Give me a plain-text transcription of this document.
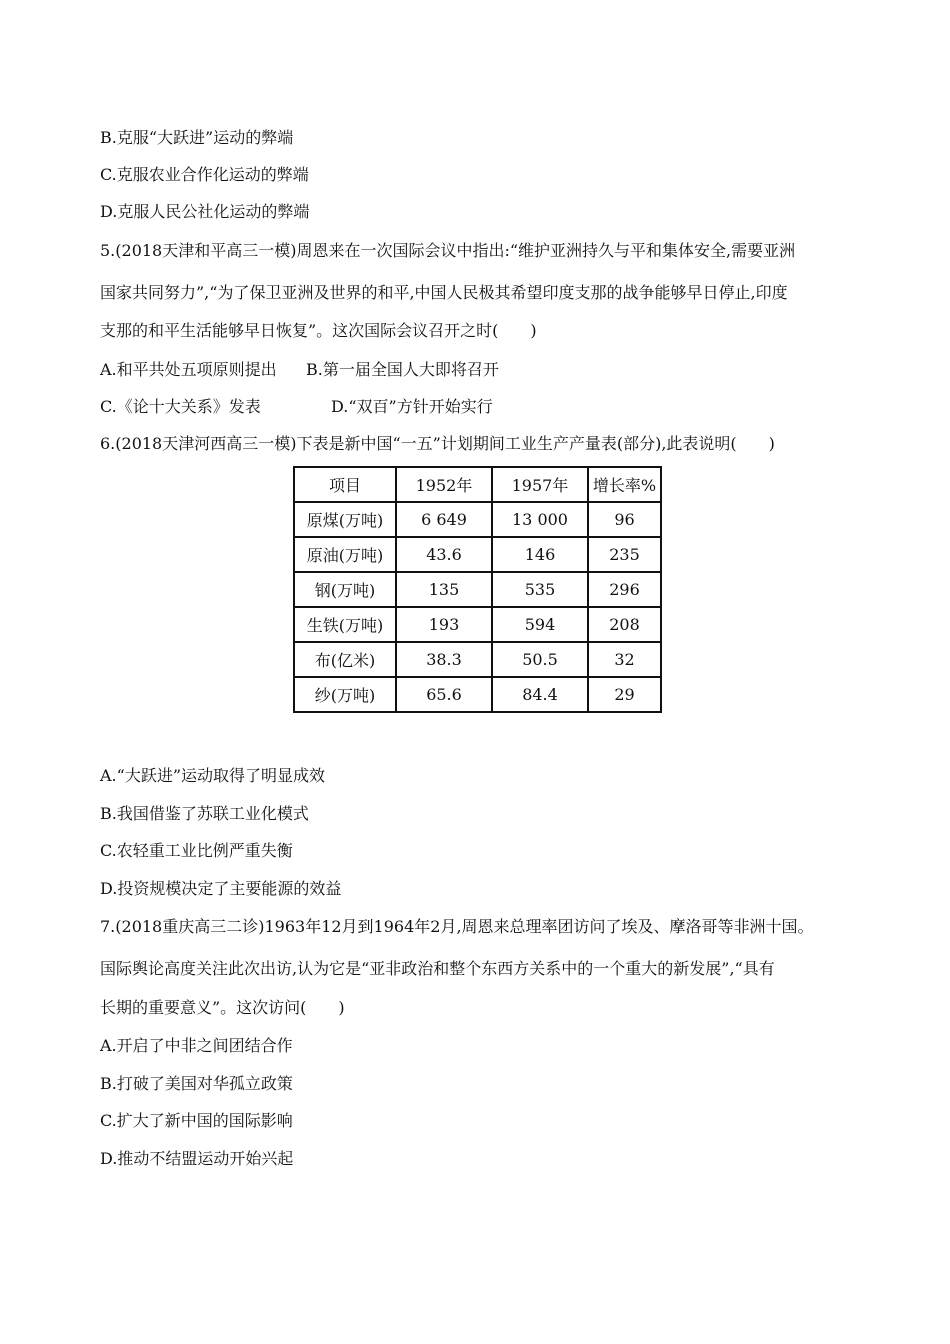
B.克服“大跃进”运动的弊端
C.克服农业合作化运动的弊端
D.克服人民公社化运动的弊端
5.(2018天津和平高三一模)周恩来在一次国际会议中指出:“维护亚洲持久与平和集体安全,需要亚洲
国家共同努力”,“为了保卫亚洲及世界的和平,中国人民极其希望印度支那的战争能够早日停止,印度
支那的和平生活能够早日恢复”。这次国际会议召开之时(　　)
A.和平共处五项原则提出 B.第一届全国人大即将召开
C.《论十大关系》发表	D.“双百”方针开始实行
6.(2018天津河西高三一模)下表是新中国“一五”计划期间工业生产产量表(部分),此表说明(　　)
项目	1952年	1957年	增长率%
原煤(万吨)	6 649	13 000	96
原油(万吨)	43.6	146	235
钢(万吨)	135	535	296
生铁(万吨)	193	594	208
布(亿米)	38.3	50.5	32
纱(万吨)	65.6	84.4	29
A.“大跃进”运动取得了明显成效
B.我国借鉴了苏联工业化模式
C.农轻重工业比例严重失衡
D.投资规模决定了主要能源的效益
7.(2018重庆高三二诊)1963年12月到1964年2月,周恩来总理率团访问了埃及、摩洛哥等非洲十国。
国际舆论高度关注此次出访,认为它是“亚非政治和整个东西方关系中的一个重大的新发展”,“具有
长期的重要意义”。这次访问(　　)
A.开启了中非之间团结合作
B.打破了美国对华孤立政策
C.扩大了新中国的国际影响
D.推动不结盟运动开始兴起
